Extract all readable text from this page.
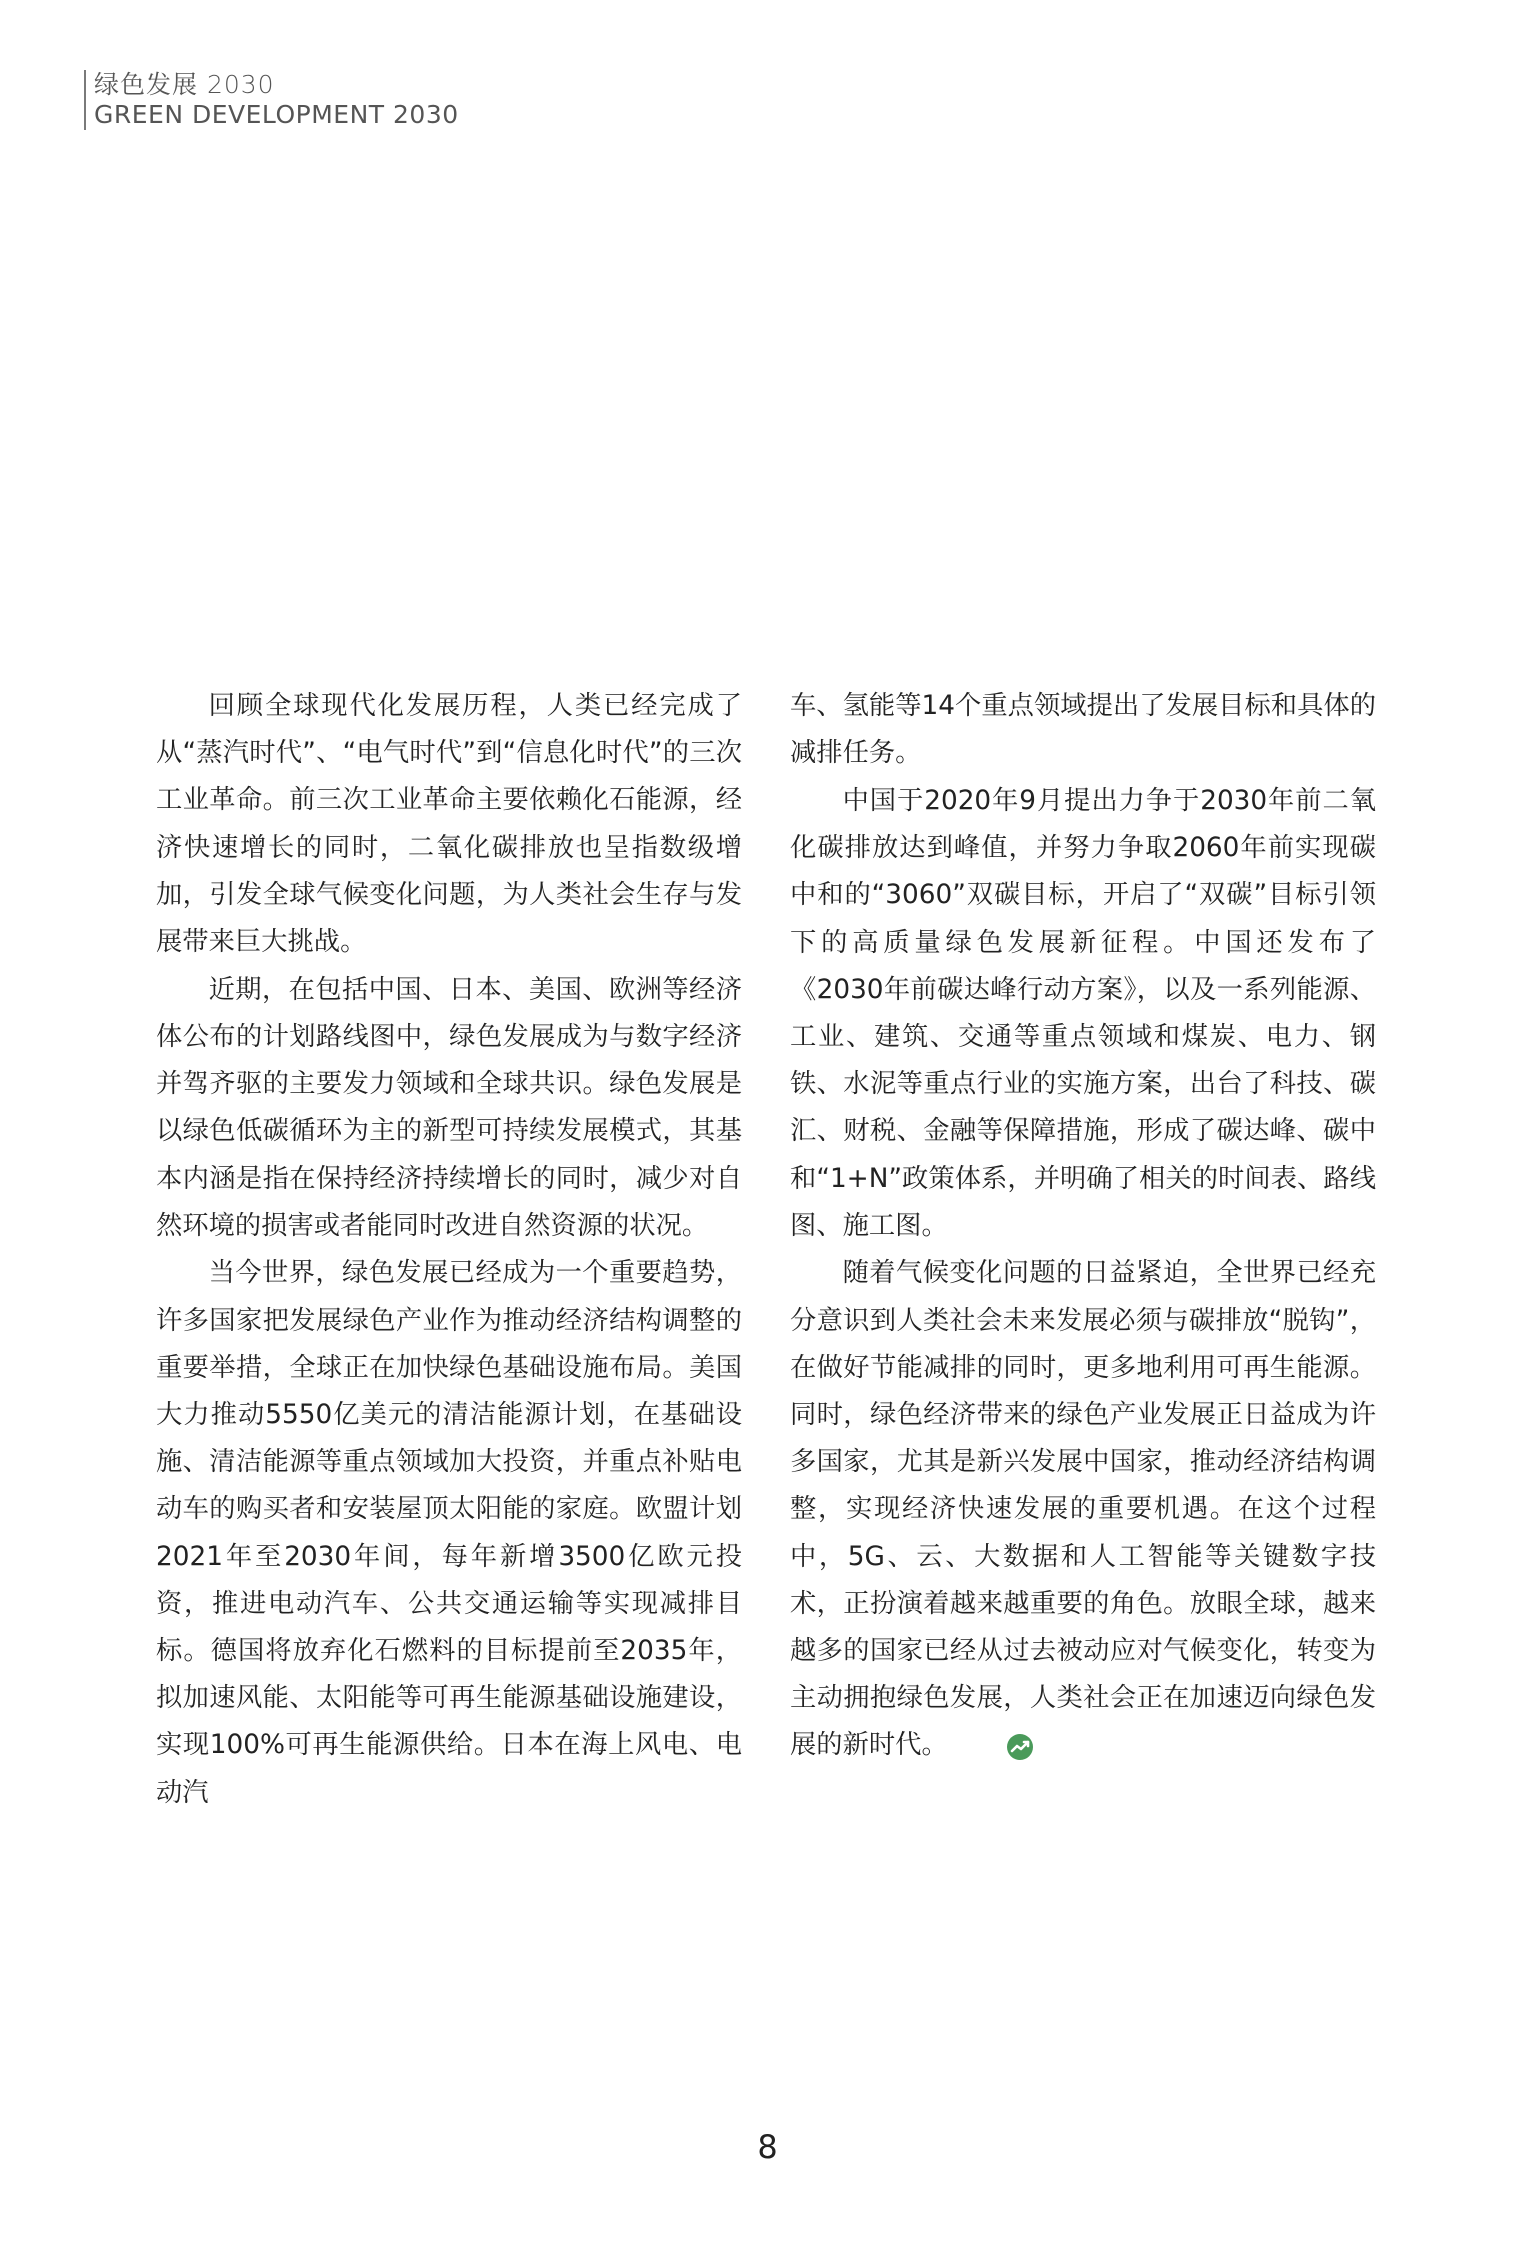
绿色发展 2030
GREEN DEVELOPMENT 2030

回顾全球现代化发展历程，人类已经完成了从“蒸汽时代”、“电气时代”到“信息化时代”的三次工业革命。前三次工业革命主要依赖化石能源，经济快速增长的同时，二氧化碳排放也呈指数级增加，引发全球气候变化问题，为人类社会生存与发展带来巨大挑战。

近期，在包括中国、日本、美国、欧洲等经济体公布的计划路线图中，绿色发展成为与数字经济并驾齐驱的主要发力领域和全球共识。绿色发展是以绿色低碳循环为主的新型可持续发展模式，其基本内涵是指在保持经济持续增长的同时，减少对自然环境的损害或者能同时改进自然资源的状况。

当今世界，绿色发展已经成为一个重要趋势，许多国家把发展绿色产业作为推动经济结构调整的重要举措，全球正在加快绿色基础设施布局。美国大力推动5550亿美元的清洁能源计划，在基础设施、清洁能源等重点领域加大投资，并重点补贴电动车的购买者和安装屋顶太阳能的家庭。欧盟计划2021年至2030年间，每年新增3500亿欧元投资，推进电动汽车、公共交通运输等实现减排目标。德国将放弃化石燃料的目标提前至2035年，拟加速风能、太阳能等可再生能源基础设施建设，实现100%可再生能源供给。日本在海上风电、电动汽

车、氢能等14个重点领域提出了发展目标和具体的减排任务。

中国于2020年9月提出力争于2030年前二氧化碳排放达到峰值，并努力争取2060年前实现碳中和的“3060”双碳目标，开启了“双碳”目标引领下的高质量绿色发展新征程。中国还发布了《2030年前碳达峰行动方案》，以及一系列能源、工业、建筑、交通等重点领域和煤炭、电力、钢铁、水泥等重点行业的实施方案，出台了科技、碳汇、财税、金融等保障措施，形成了碳达峰、碳中和“1+N”政策体系，并明确了相关的时间表、路线图、施工图。

随着气候变化问题的日益紧迫，全世界已经充分意识到人类社会未来发展必须与碳排放“脱钩”，在做好节能减排的同时，更多地利用可再生能源。同时，绿色经济带来的绿色产业发展正日益成为许多国家，尤其是新兴发展中国家，推动经济结构调整，实现经济快速发展的重要机遇。在这个过程中，5G、云、大数据和人工智能等关键数字技术，正扮演着越来越重要的角色。放眼全球，越来越多的国家已经从过去被动应对气候变化，转变为主动拥抱绿色发展，人类社会正在加速迈向绿色发展的新时代。

8
